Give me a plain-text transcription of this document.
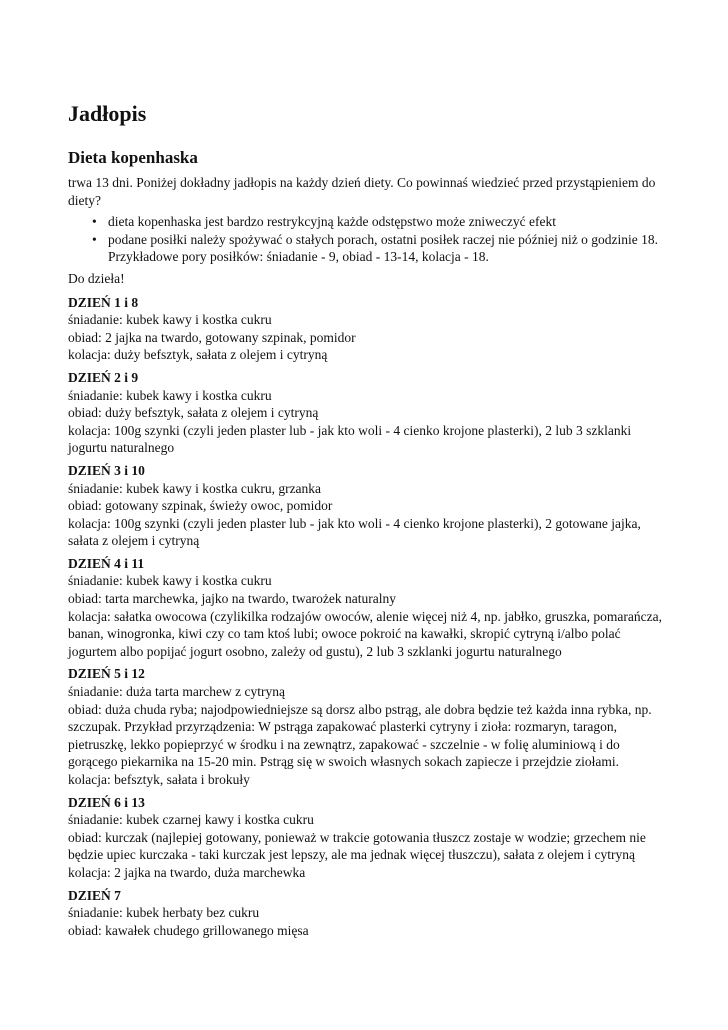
Jadłopis
Dieta kopenhaska

trwa 13 dni. Poniżej dokładny jadłopis na każdy dzień diety. Co powinnaś wiedzieć przed przystąpieniem do diety?

• dieta kopenhaska jest bardzo restrykcyjną każde odstępstwo może zniweczyć efekt
• podane posiłki należy spożywać o stałych porach, ostatni posiłek raczej nie później niż o godzinie 18. Przykładowe pory posiłków: śniadanie - 9, obiad - 13-14, kolacja - 18.

Do dzieła!

DZIEŃ 1 i 8
śniadanie: kubek kawy i kostka cukru
obiad: 2 jajka na twardo, gotowany szpinak, pomidor
kolacja: duży befsztyk, sałata z olejem i cytryną
DZIEŃ 2 i 9
śniadanie: kubek kawy i kostka cukru
obiad: duży befsztyk, sałata z olejem i cytryną
kolacja: 100g szynki (czyli jeden plaster lub - jak kto woli - 4 cienko krojone plasterki), 2 lub 3 szklanki jogurtu naturalnego
DZIEŃ 3 i 10
śniadanie: kubek kawy i kostka cukru, grzanka
obiad: gotowany szpinak, świeży owoc, pomidor
kolacja: 100g szynki (czyli jeden plaster lub - jak kto woli - 4 cienko krojone plasterki), 2 gotowane jajka, sałata z olejem i cytryną
DZIEŃ 4 i 11
śniadanie: kubek kawy i kostka cukru
obiad: tarta marchewka, jajko na twardo, twarożek naturalny
kolacja: sałatka owocowa (czylikilka rodzajów owoców, alenie więcej niż 4, np. jabłko, gruszka, pomarańcza, banan, winogronka, kiwi czy co tam ktoś lubi; owoce pokroić na kawałki, skropić cytryną i/albo polać jogurtem albo popijać jogurt osobno, zależy od gustu), 2 lub 3 szklanki jogurtu naturalnego
DZIEŃ 5 i 12
śniadanie: duża tarta marchew z cytryną
obiad: duża chuda ryba; najodpowiedniejsze są dorsz albo pstrąg, ale dobra będzie też każda inna rybka, np. szczupak. Przykład przyrządzenia: W pstrąga zapakować plasterki cytryny i zioła: rozmaryn, taragon, pietruszkę, lekko popieprzyć w środku i na zewnątrz, zapakować - szczelnie - w folię aluminiową i do gorącego piekarnika na 15-20 min. Pstrąg się w swoich własnych sokach zapiecze i przejdzie ziołami.
kolacja: befsztyk, sałata i brokuły
DZIEŃ 6 i 13
śniadanie: kubek czarnej kawy i kostka cukru
obiad: kurczak (najlepiej gotowany, ponieważ w trakcie gotowania tłuszcz zostaje w wodzie; grzechem nie będzie upiec kurczaka - taki kurczak jest lepszy, ale ma jednak więcej tłuszczu), sałata z olejem i cytryną
kolacja: 2 jajka na twardo, duża marchewka
DZIEŃ 7
śniadanie: kubek herbaty bez cukru
obiad: kawałek chudego grillowanego mięsa
